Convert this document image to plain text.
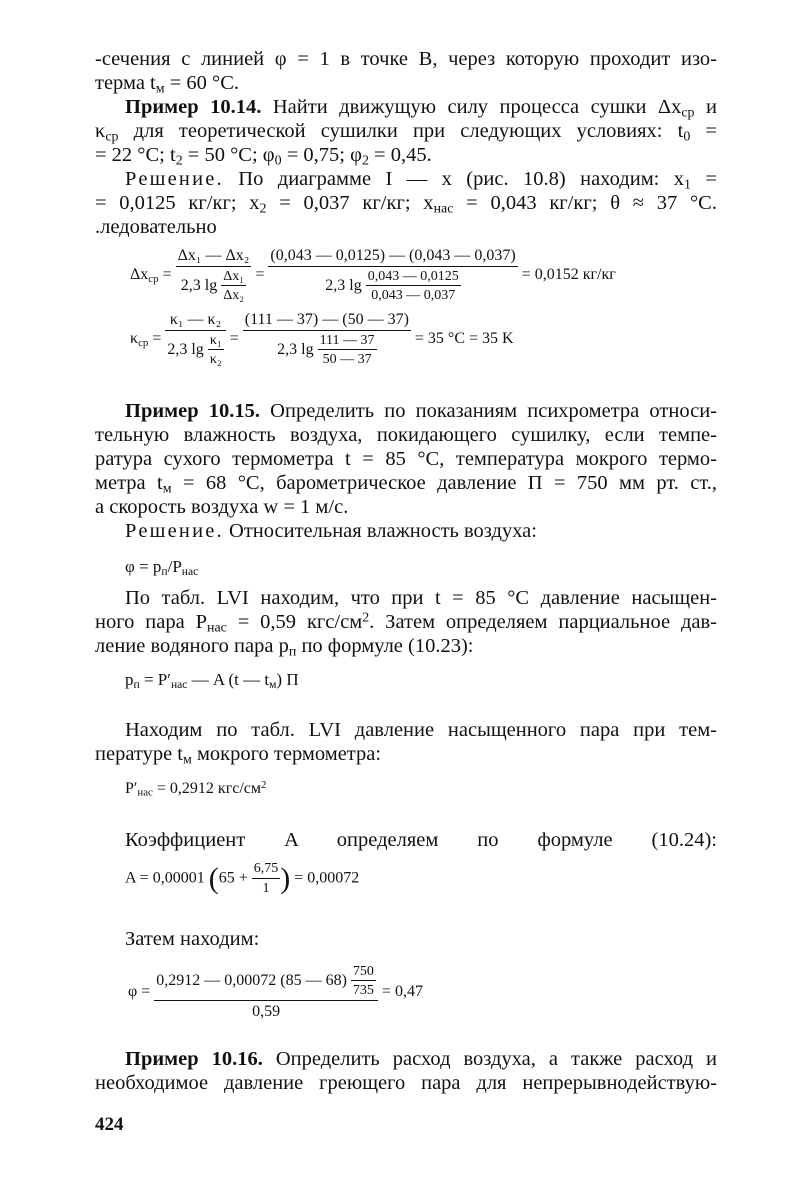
-сечения с линией φ = 1 в точке B, через которую проходит изо-
терма $t_м = 60$ °C.
Пример 10.14. Найти движущую силу процесса сушки $\Delta x_{ср}$ и
$\kappa_{ср}$ для теоретической сушилки при следующих условиях: $t_0$ =
= 22 °C; $t_2 = 50$ °C; $\varphi_0 = 0,75$; $\varphi_2 = 0,45$.
Решение. По диаграмме I — x (рис. 10.8) находим: $x_1$ =
= 0,0125 кг/кг; $x_2 = 0,037$ кг/кг; $x_{нас} = 0,043$ кг/кг; θ ≈ 37 °C.
.ледовательно
$\Delta x_{ср} = \frac{\text{Δx₁ — Δx₂}}{2,3 \lg \frac{\text{Δx₁}}{\text{Δx₂}}} = \frac{(0,043 — 0,0125) — (0,043 — 0,037)}{2,3 \lg \frac{0,043 — 0,0125}{0,043 — 0,037}} = 0,0152$ кг/кг
$\kappa_{ср} = \frac{\text{κ₁ — κ₂}}{2,3 \lg \frac{\text{κ₁}}{\text{κ₂}}} = \frac{(111 — 37) — (50 — 37)}{2,3 \lg \frac{111 — 37}{50 — 37}} = 35$ °C = 35 K
Пример 10.15. Определить по показаниям психрометра относи-
тельную влажность воздуха, покидающего сушилку, если темпе-
ратура сухого термометра t = 85 °C, температура мокрого термо-
метра $t_м = 68$ °C, барометрическое давление П = 750 мм рт. ст.,
а скорость воздуха w = 1 м/с.
Решение. Относительная влажность воздуха:
$\varphi = p_п/P_{нас}$
По табл. LVI находим, что при t = 85 °C давление насыщен-
ного пара $P_{нас} = 0,59$ кгс/$см^2$. Затем определяем парциальное дав-
ление водяного пара $p_п$ по формуле (10.23):
$p_п = P'_{нас}$ — A (t — $t_м$) П
Находим по табл. LVI давление насыщенного пара при тем-
пературе $t_м$ мокрого термометра:
$P'_{нас} = 0,2912$ кгс/$см^2$
Коэффициент A определяем по формуле (10.24):
A = 0,00001 ($65 + \frac{6,75}{1}$ ) = 0,00072
Затем находим:
$\varphi = \frac{0,2912 — 0,00072 (85 — 68) \frac{750}{735}}{0,59} = 0,47$
Пример 10.16. Определить расход воздуха, а также расход и
необходимое давление греющего пара для непрерывнодействую-
424
